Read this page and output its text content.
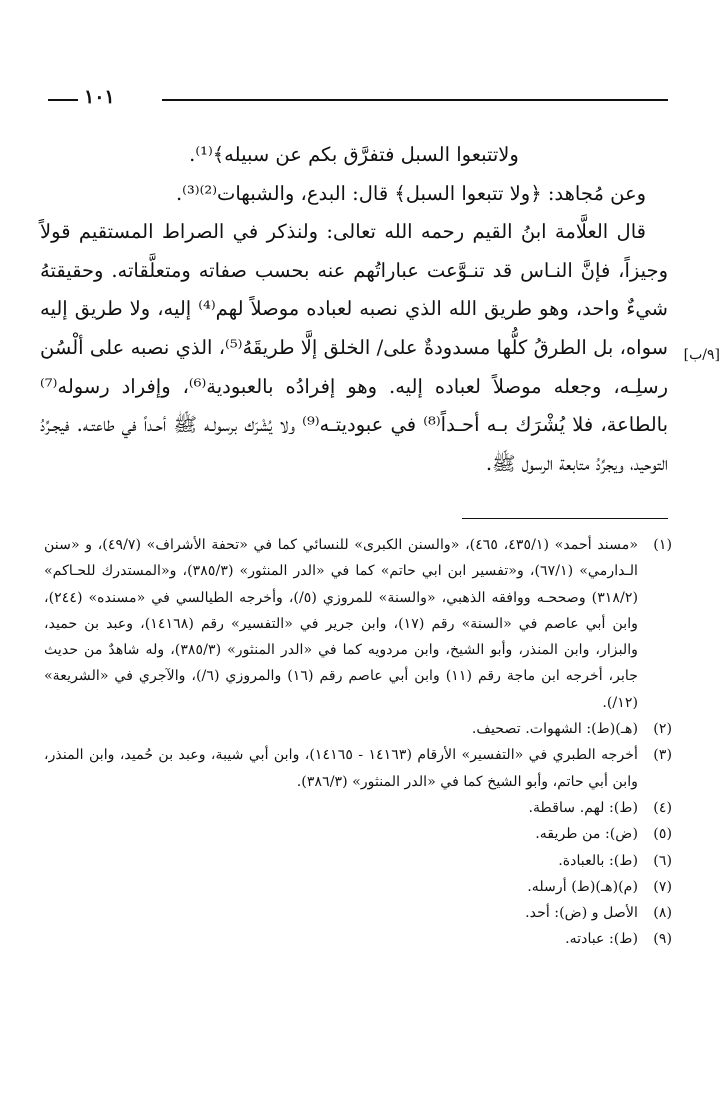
١٠١

ولاتتبعوا السبل فتفرَّق بكم عن سبيله﴾⁽¹⁾.

وعن مُجاهد: ﴿ولا تتبعوا السبل﴾ قال: البدع، والشبهات⁽²⁾⁽³⁾.

قال العلَّامة ابنُ القيم رحمه الله تعالى: ولنذكر في الصراط المستقيم قولاً وجيزاً، فإنَّ النـاس قد تنـوَّعت عباراتُهم عنه بحسب صفاته ومتعلَّقاته. وحقيقتهُ شيءٌ واحد، وهو طريق الله الذي نصبه لعباده موصلاً لهم⁽⁴⁾ إليه، ولا طريق إليه سواه، بل الطرقُ كلُّها مسدودةٌ على/ الخلق إلَّا طريقَهُ⁽⁵⁾، الذي نصبه على ألْسُن رسلِـه، وجعله موصلاً لعباده إليه. وهو إفرادُه بالعبودية⁽⁶⁾، وإفراد رسوله⁽⁷⁾ بالطاعة، فلا يُشْرَك بـه أحـداً⁽⁸⁾ في عبوديتـه⁽⁹⁾ ولا يُشْرَك برسولـه ﷺ أحـداً في طاعتـه. فيجـرِّدُ التوحيد، ويجرِّدُ متابعة الرسول ﷺ.

[٩/ب]
(١)
«مسند أحمد» (٤٣٥/١، ٤٦٥)، «والسنن الكبرى» للنسائي كما في «تحفة الأشراف» (٤٩/٧)، و «سنن الـدارمي» (٦٧/١)، و«تفسير ابن ابي حاتم» كما في «الدر المنثور» (٣٨٥/٣)، و«المستدرك للحـاكم» (٣١٨/٢) وصححـه ووافقه الذهبي، «والسنة» للمروزي (٥/)، وأخرجه الطيالسي في «مسنده» (٢٤٤)، وابن أبي عاصم في «السنة» رقم (١٧)، وابن جرير في «التفسير» رقم (١٤١٦٨)، وعبد بن حميد، والبزار، وابن المنذر، وأبو الشيخ، وابن مردويه كما في «الدر المنثور» (٣٨٥/٣)، وله شاهدٌ من حديث جابر، أخرجه ابن ماجة رقم (١١) وابن أبي عاصم رقم (١٦) والمروزي (٦/)، والآجري في «الشريعة» (١٢/).
(٢)
(هـ)(ط): الشهوات. تصحيف.
(٣)
أخرجه الطبري في «التفسير» الأرقام (١٤١٦٣ - ١٤١٦٥)، وابن أبي شيبة، وعبد بن حُميد، وابن المنذر، وابن أبي حاتم، وأبو الشيخ كما في «الدر المنثور» (٣٨٦/٣).
(٤)
(ط): لهم. ساقطة.
(٥)
(ض): من طريقه.
(٦)
(ط): بالعبادة.
(٧)
(م)(هـ)(ط) أرسله.
(٨)
الأصل و (ض): أحد.
(٩)
(ط): عبادته.
